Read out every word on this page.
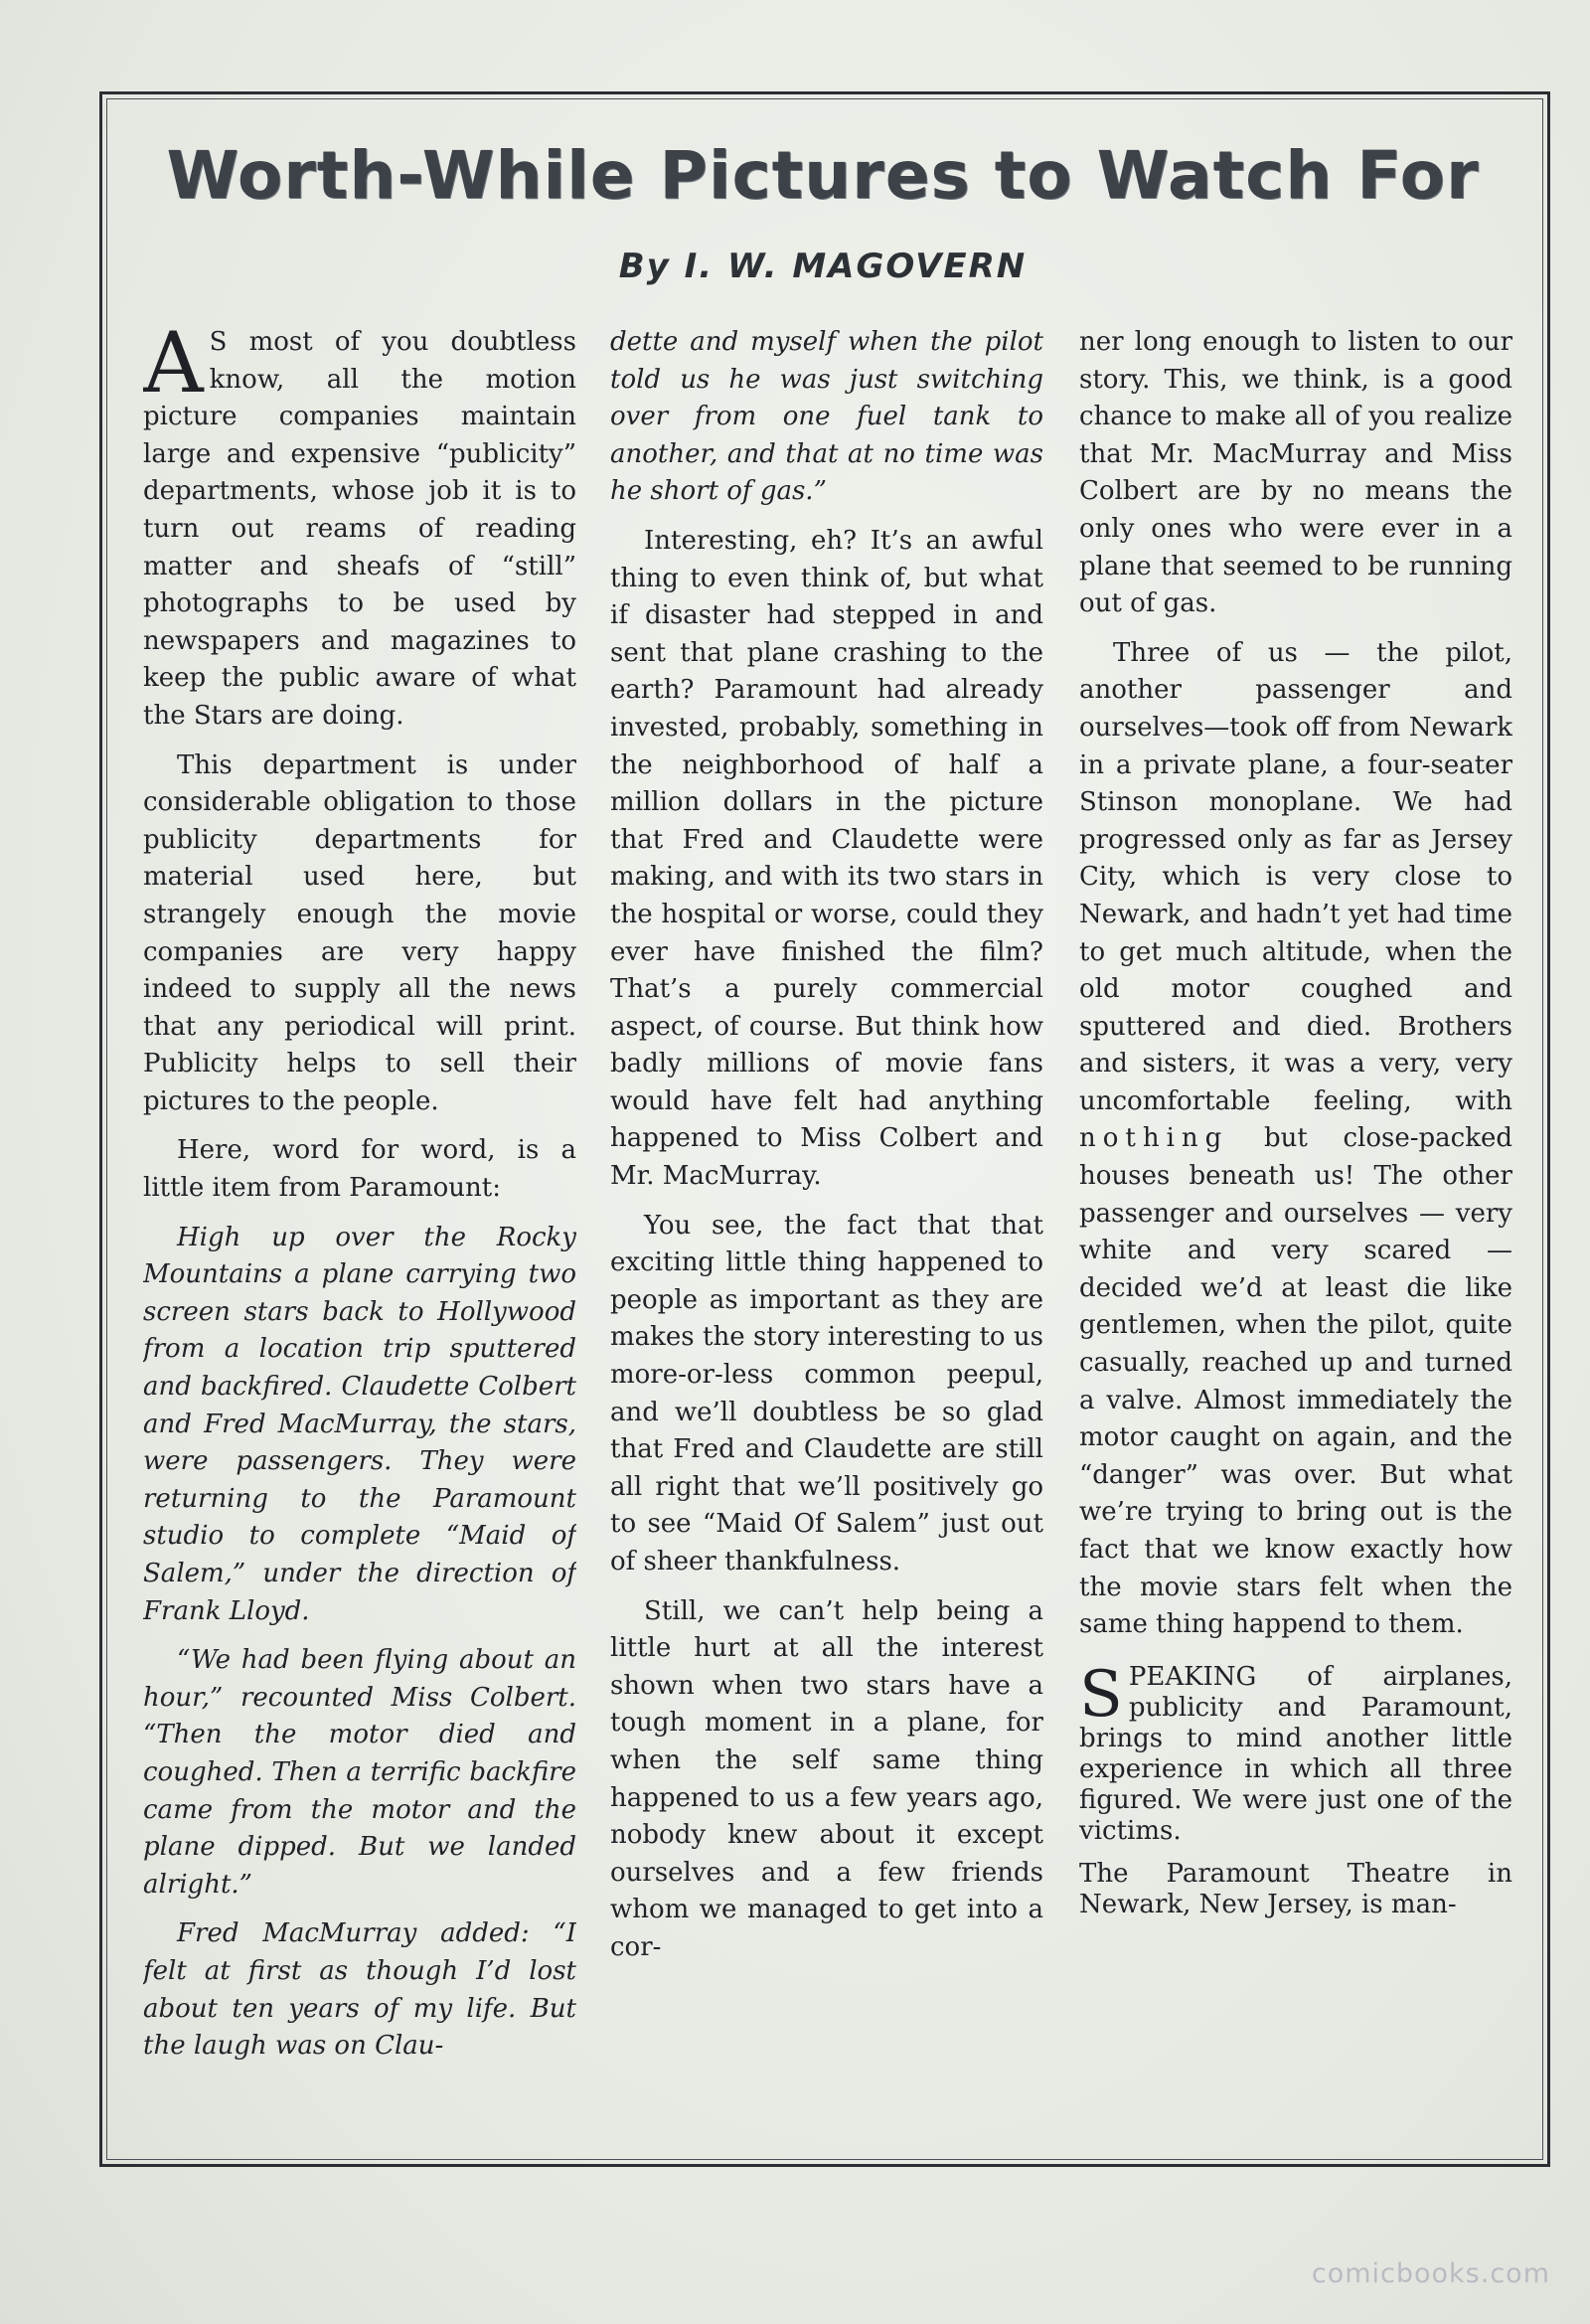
Worth-While Pictures to Watch For
By I. W. MAGOVERN

A S most of you doubtless know, all the motion picture companies maintain large and expensive “publicity” departments, whose job it is to turn out reams of reading matter and sheafs of “still” photographs to be used by newspapers and magazines to keep the public aware of what the Stars are doing.

This department is under considerable obligation to those publicity departments for material used here, but strangely enough the movie companies are very happy indeed to supply all the news that any periodical will print. Publicity helps to sell their pictures to the people.

Here, word for word, is a little item from Paramount:

High up over the Rocky Mountains a plane carrying two screen stars back to Hollywood from a location trip sputtered and backfired. Claudette Colbert and Fred MacMurray, the stars, were passengers. They were returning to the Paramount studio to complete “Maid of Salem,” under the direction of Frank Lloyd.

“We had been flying about an hour,” recounted Miss Colbert. “Then the motor died and coughed. Then a terrific backfire came from the motor and the plane dipped. But we landed alright.”

Fred MacMurray added: “I felt at first as though I’d lost about ten years of my life. But the laugh was on Clau-

dette and myself when the pilot told us he was just switching over from one fuel tank to another, and that at no time was he short of gas.”

Interesting, eh? It’s an awful thing to even think of, but what if disaster had stepped in and sent that plane crashing to the earth? Paramount had already invested, probably, something in the neighborhood of half a million dollars in the picture that Fred and Claudette were making, and with its two stars in the hospital or worse, could they ever have finished the film? That’s a purely commercial aspect, of course. But think how badly millions of movie fans would have felt had anything happened to Miss Colbert and Mr. MacMurray.

You see, the fact that that exciting little thing happened to people as important as they are makes the story interesting to us more-or-less common peepul, and we’ll doubtless be so glad that Fred and Claudette are still all right that we’ll positively go to see “Maid Of Salem” just out of sheer thankfulness.

Still, we can’t help being a little hurt at all the interest shown when two stars have a tough moment in a plane, for when the self same thing happened to us a few years ago, nobody knew about it except ourselves and a few friends whom we managed to get into a cor-

ner long enough to listen to our story. This, we think, is a good chance to make all of you realize that Mr. MacMurray and Miss Colbert are by no means the only ones who were ever in a plane that seemed to be running out of gas.

Three of us — the pilot, another passenger and ourselves—took off from Newark in a private plane, a four-seater Stinson monoplane. We had progressed only as far as Jersey City, which is very close to Newark, and hadn’t yet had time to get much altitude, when the old motor coughed and sputtered and died. Brothers and sisters, it was a very, very uncomfortable feeling, with nothing but close-packed houses beneath us! The other passenger and ourselves — very white and very scared — decided we’d at least die like gentlemen, when the pilot, quite casually, reached up and turned a valve. Almost immediately the motor caught on again, and the “danger” was over. But what we’re trying to bring out is the fact that we know exactly how the movie stars felt when the same thing happend to them.

SPEAKING of airplanes, publicity and Paramount, brings to mind another little experience in which all three figured. We were just one of the victims.

The Paramount Theatre in Newark, New Jersey, is man-

comicbooks.com
